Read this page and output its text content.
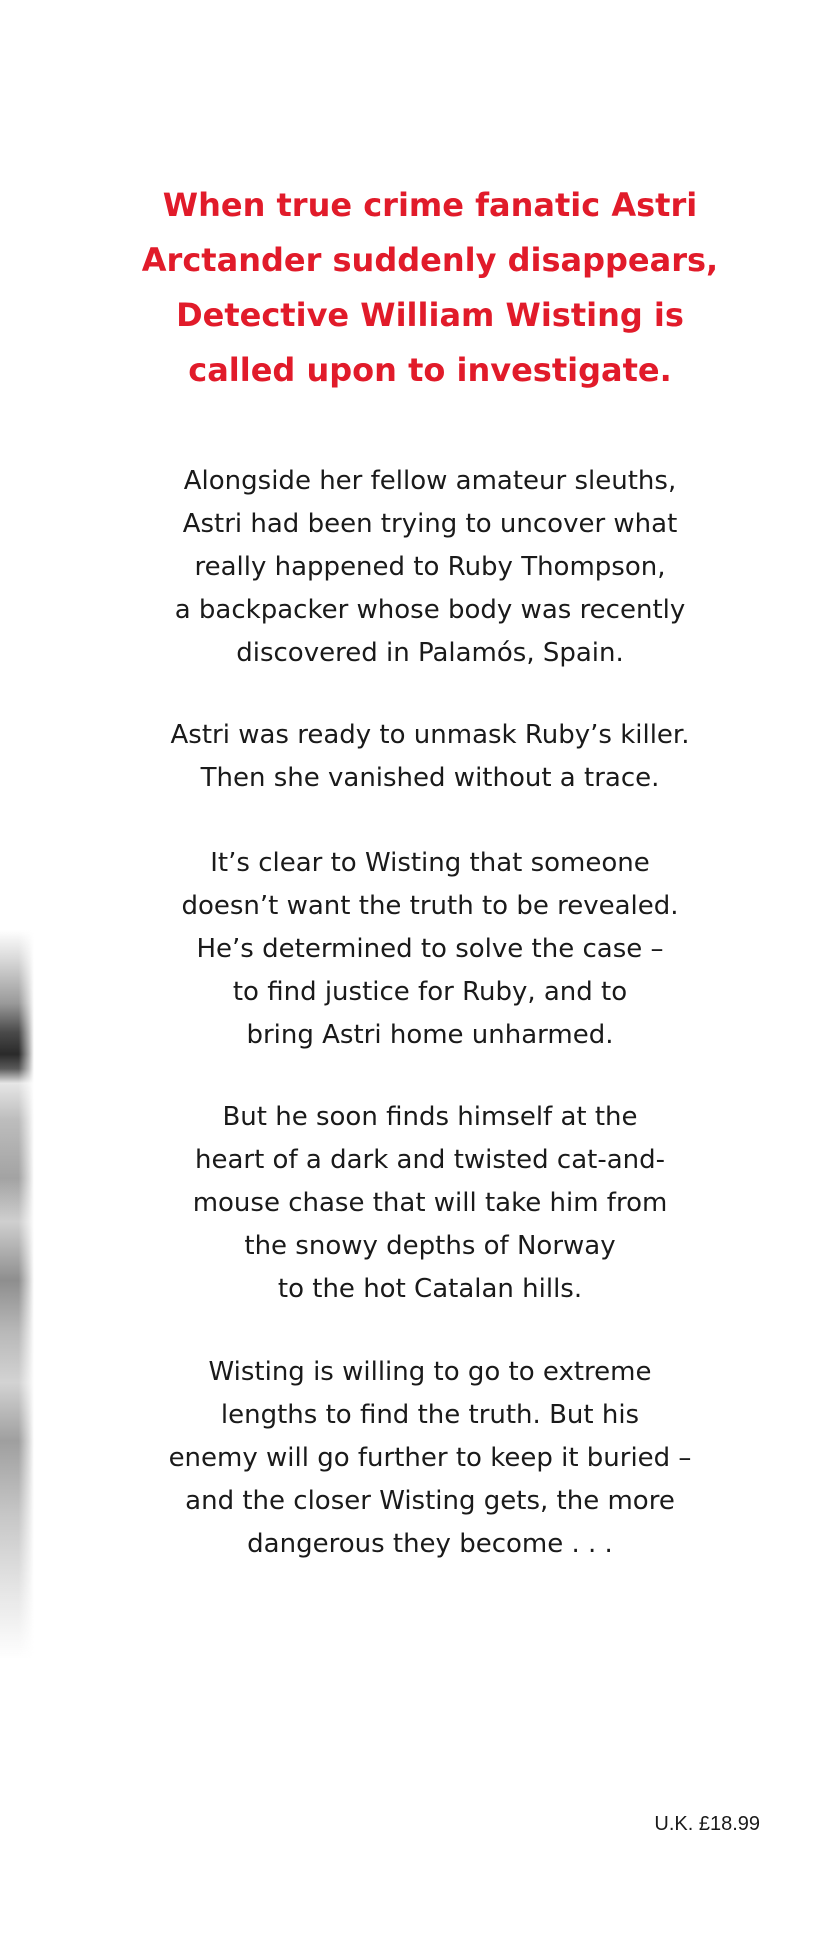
When true crime fanatic Astri
Arctander suddenly disappears,
Detective William Wisting is
called upon to investigate.

Alongside her fellow amateur sleuths,
Astri had been trying to uncover what
really happened to Ruby Thompson,
a backpacker whose body was recently
discovered in Palamós, Spain.

Astri was ready to unmask Ruby’s killer.
Then she vanished without a trace.

It’s clear to Wisting that someone
doesn’t want the truth to be revealed.
He’s determined to solve the case –
to find justice for Ruby, and to
bring Astri home unharmed.

But he soon finds himself at the
heart of a dark and twisted cat-and-
mouse chase that will take him from
the snowy depths of Norway
to the hot Catalan hills.

Wisting is willing to go to extreme
lengths to find the truth. But his
enemy will go further to keep it buried –
and the closer Wisting gets, the more
dangerous they become . . .

U.K. £18.99
